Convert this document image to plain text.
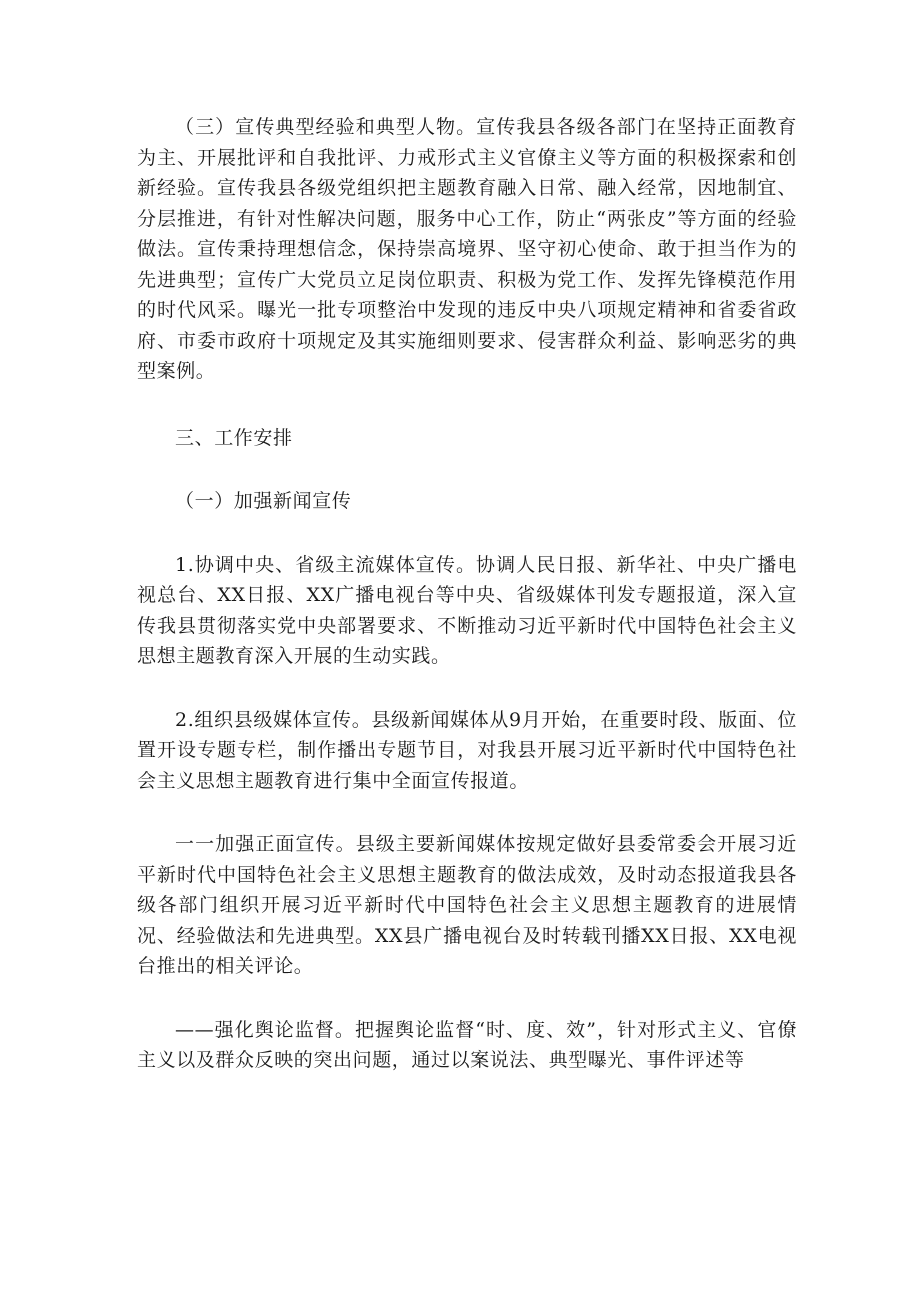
（三）宣传典型经验和典型人物。宣传我县各级各部门在坚持正面教育为主、开展批评和自我批评、力戒形式主义官僚主义等方面的积极探索和创新经验。宣传我县各级党组织把主题教育融入日常、融入经常，因地制宜、分层推进，有针对性解决问题，服务中心工作，防止“两张皮”等方面的经验做法。宣传秉持理想信念，保持崇高境界、坚守初心使命、敢于担当作为的先进典型；宣传广大党员立足岗位职责、积极为党工作、发挥先锋模范作用的时代风采。曝光一批专项整治中发现的违反中央八项规定精神和省委省政府、市委市政府十项规定及其实施细则要求、侵害群众利益、影响恶劣的典型案例。

三、工作安排

（一）加强新闻宣传

1.协调中央、省级主流媒体宣传。协调人民日报、新华社、中央广播电视总台、XX日报、XX广播电视台等中央、省级媒体刊发专题报道，深入宣传我县贯彻落实党中央部署要求、不断推动习近平新时代中国特色社会主义思想主题教育深入开展的生动实践。

2.组织县级媒体宣传。县级新闻媒体从9月开始，在重要时段、版面、位置开设专题专栏，制作播出专题节目，对我县开展习近平新时代中国特色社会主义思想主题教育进行集中全面宣传报道。

一一加强正面宣传。县级主要新闻媒体按规定做好县委常委会开展习近平新时代中国特色社会主义思想主题教育的做法成效，及时动态报道我县各级各部门组织开展习近平新时代中国特色社会主义思想主题教育的进展情况、经验做法和先进典型。XX县广播电视台及时转载刊播XX日报、XX电视台推出的相关评论。

——强化舆论监督。把握舆论监督“时、度、效”，针对形式主义、官僚主义以及群众反映的突出问题，通过以案说法、典型曝光、事件评述等
